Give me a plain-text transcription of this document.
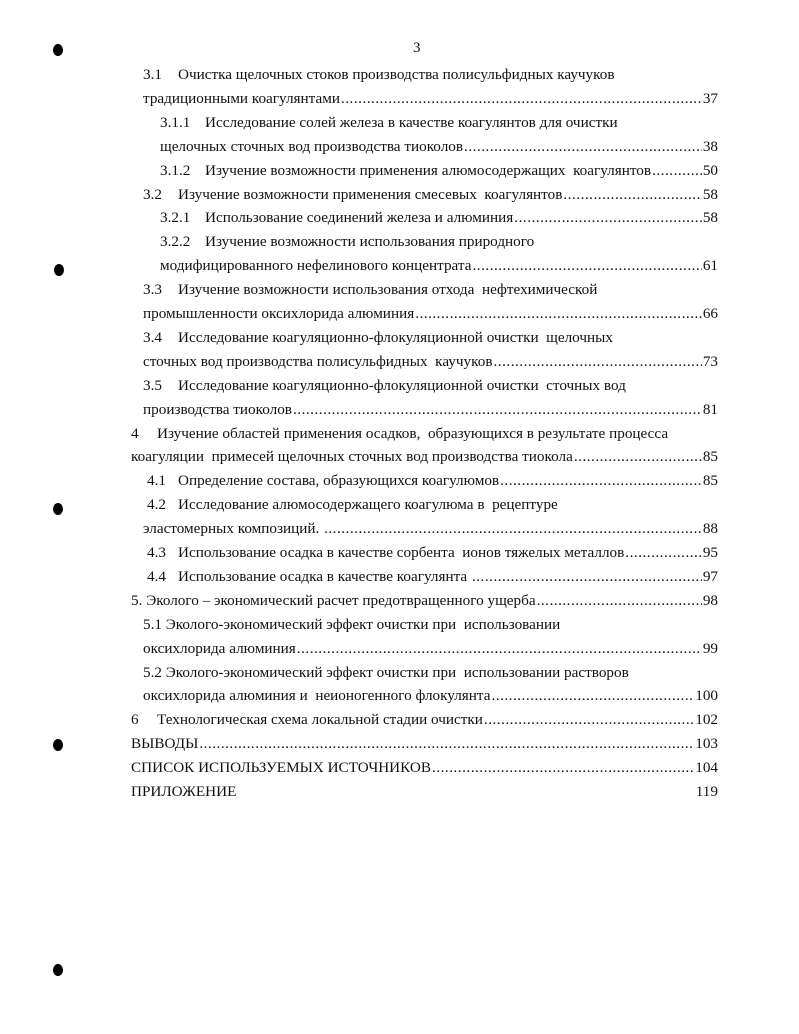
3
3.1	Очистка щелочных стоков производства полисульфидных каучуков
традиционными коагулянтами .....	37
3.1.1 Исследование солей железа в качестве коагулянтов для очистки
щелочных сточных вод производства тиоколов .....	38
3.1.2 Изучение возможности применения алюмосодержащих  коагулянтов .....	50
3.2	Изучение возможности применения смесевых  коагулянтов .....	58
3.2.1 Использование соединений железа и алюминия .....	58
3.2.2 Изучение возможности использования природного
модифицированного нефелинового концентрата .....	61
3.3	Изучение возможности использования отхода  нефтехимической
промышленности оксихлорида алюминия .....	66
3.4	Исследование коагуляционно-флокуляционной очистки  щелочных
сточных вод производства полисульфидных  каучуков .....	73
3.5	Исследование коагуляционно-флокуляционной очистки  сточных вод
производства тиоколов .....	81
4	Изучение областей применения осадков,  образующихся в результате процесса
коагуляции  примесей щелочных сточных вод производства тиокола .....	85
4.1 Определение состава, образующихся коагулюмов .....	85
4.2 Исследование алюмосодержащего коагулюма в  рецептуре
эластомерных композиций. .....	88
4.3 Использование осадка в качестве сорбента  ионов тяжелых металлов .....	95
4.4 Использование осадка в качестве коагулянта .....	97
5. Эколого – экономический расчет предотвращенного ущерба .....	98
5.1 Эколого-экономический эффект очистки при  использовании
оксихлорида алюминия .....	99
5.2 Эколого-экономический эффект очистки при  использовании растворов
оксихлорида алюминия и  неионогенного флокулянта .....	100
6	Технологическая схема локальной стадии очистки .....	102
ВЫВОДЫ .....	103
СПИСОК ИСПОЛЬЗУЕМЫХ ИСТОЧНИКОВ .....	104
ПРИЛОЖЕНИЕ	119
